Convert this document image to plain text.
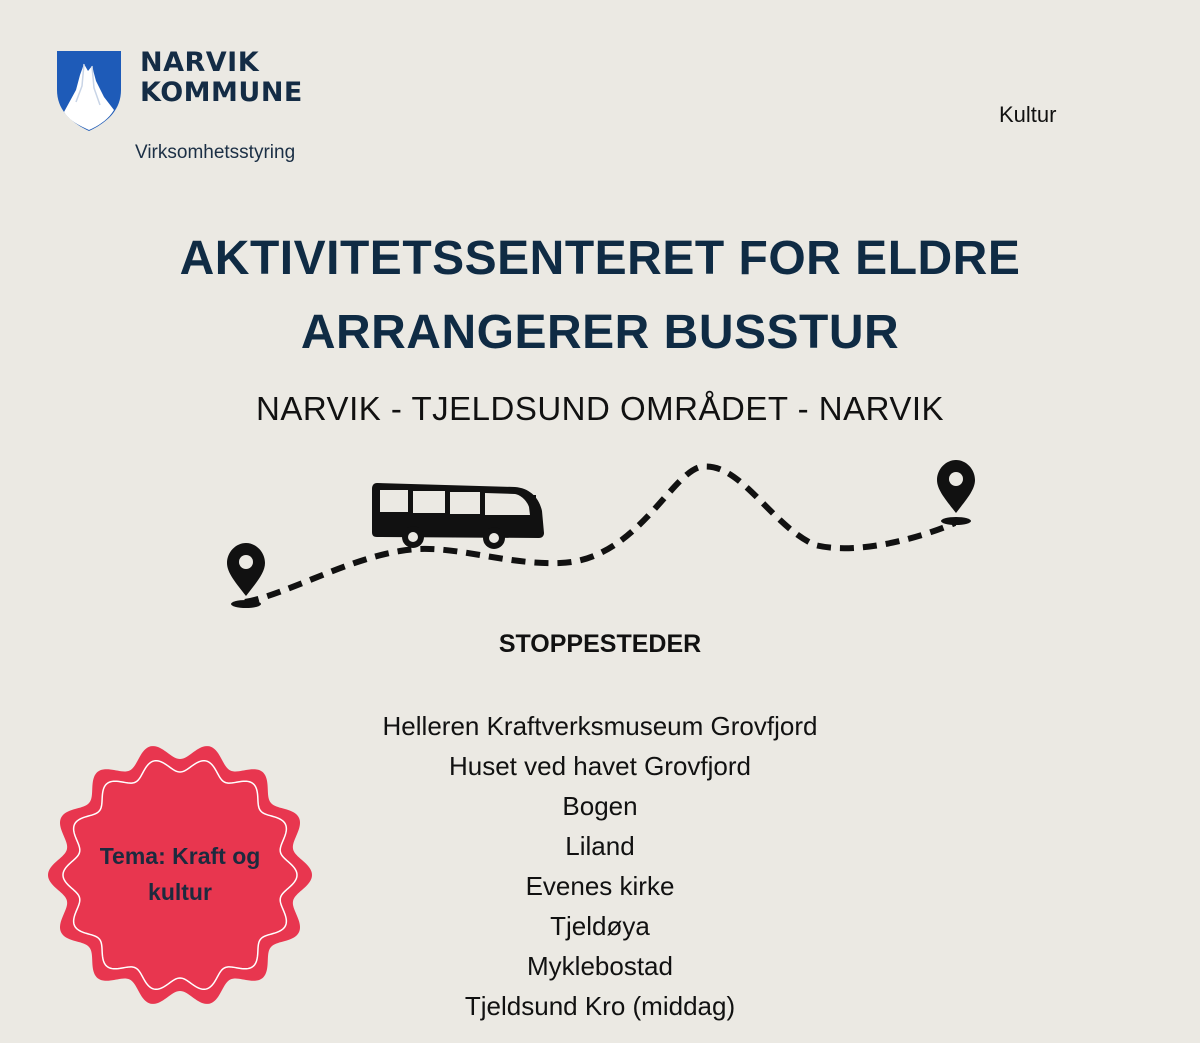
NARVIK
KOMMUNE
Virksomhetsstyring
Kultur
AKTIVITETSSENTERET FOR ELDRE
ARRANGERER BUSSTUR
NARVIK - TJELDSUND OMRÅDET - NARVIK
STOPPESTEDER
Helleren Kraftverksmuseum Grovfjord
Huset ved havet Grovfjord
Bogen
Liland
Evenes kirke
Tjeldøya
Myklebostad
Tjeldsund Kro (middag)
Tema: Kraft og
kultur
